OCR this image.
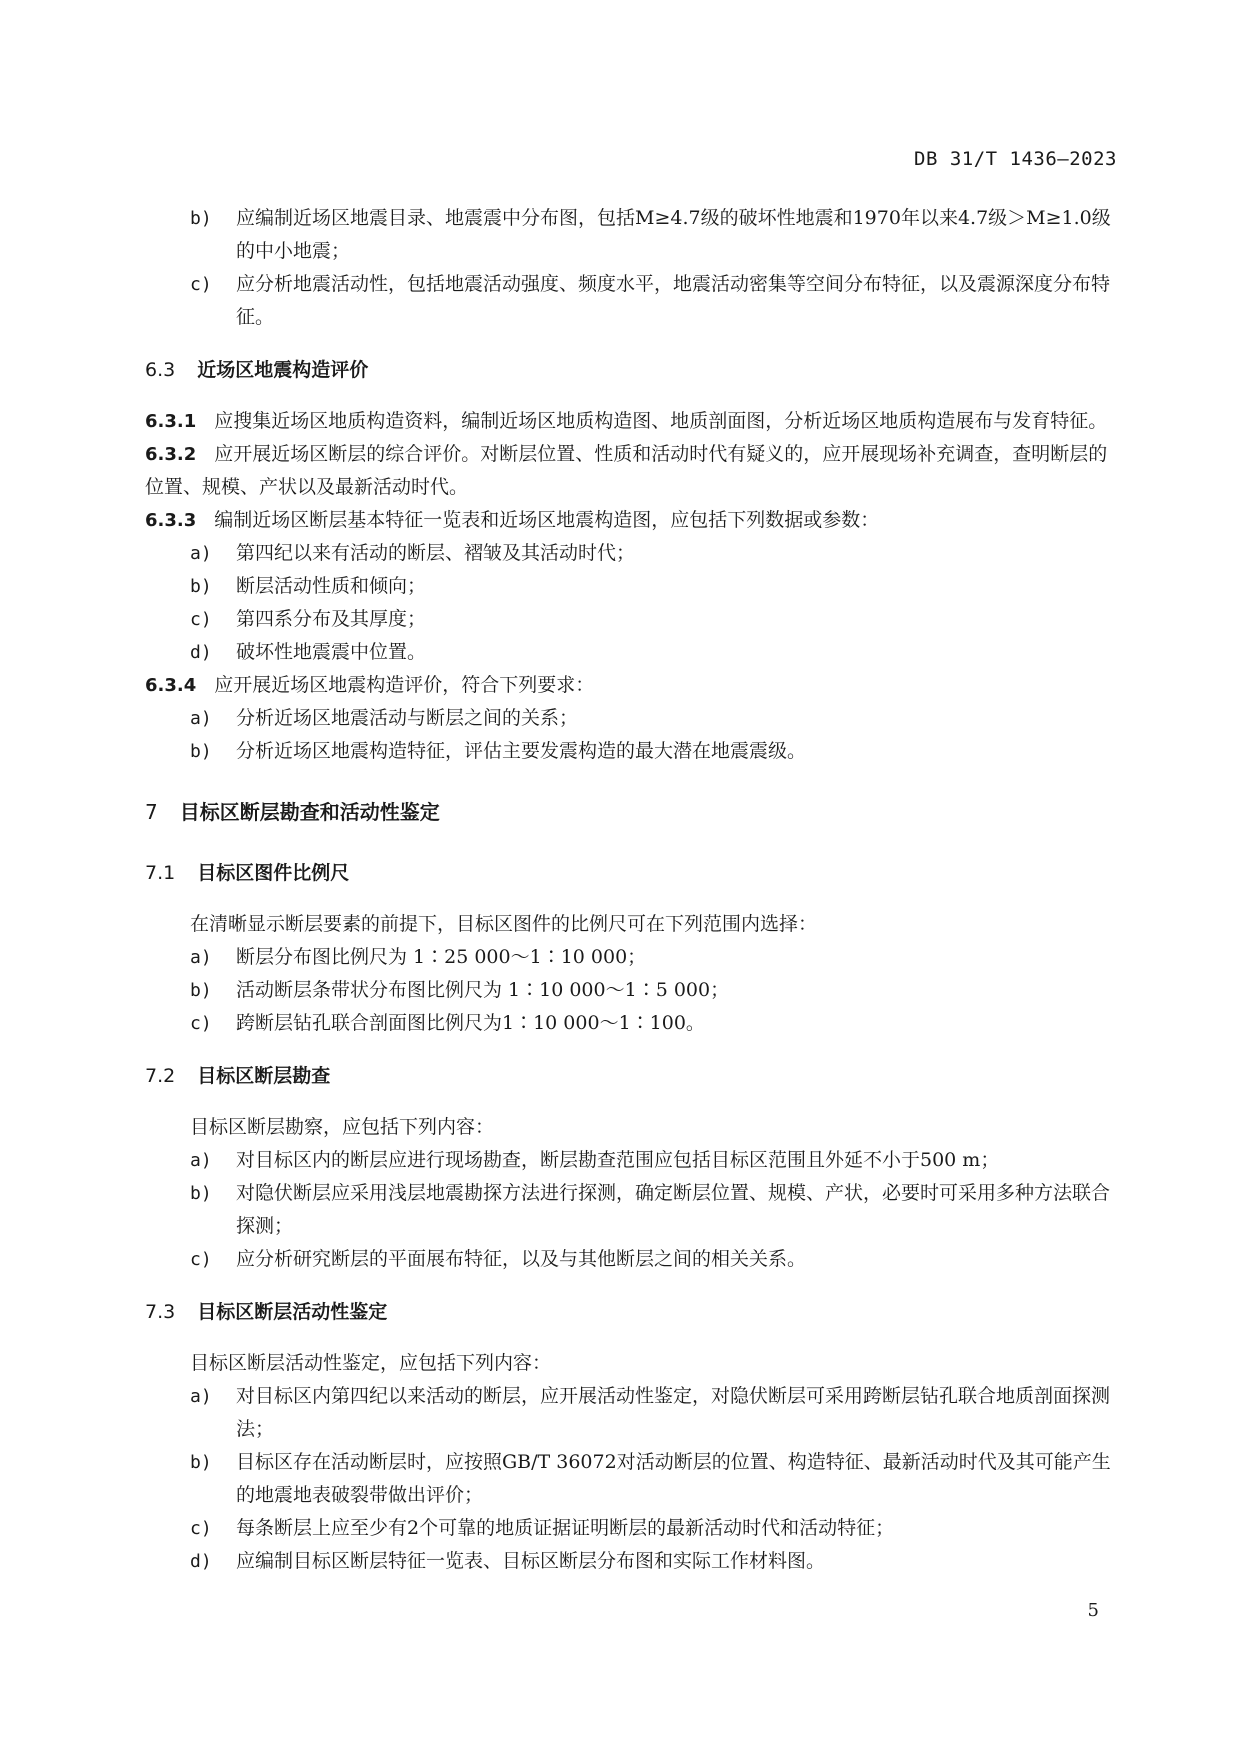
DB 31/T 1436—2023
b) 应编制近场区地震目录、地震震中分布图，包括M≥4.7级的破坏性地震和1970年以来4.7级＞M≥1.0级的中小地震；
c) 应分析地震活动性，包括地震活动强度、频度水平，地震活动密集等空间分布特征，以及震源深度分布特征。
6.3 近场区地震构造评价
6.3.1 应搜集近场区地质构造资料，编制近场区地质构造图、地质剖面图，分析近场区地质构造展布与发育特征。
6.3.2 应开展近场区断层的综合评价。对断层位置、性质和活动时代有疑义的，应开展现场补充调查，查明断层的位置、规模、产状以及最新活动时代。
6.3.3 编制近场区断层基本特征一览表和近场区地震构造图，应包括下列数据或参数：
a) 第四纪以来有活动的断层、褶皱及其活动时代；
b) 断层活动性质和倾向；
c) 第四系分布及其厚度；
d) 破坏性地震震中位置。
6.3.4 应开展近场区地震构造评价，符合下列要求：
a) 分析近场区地震活动与断层之间的关系；
b) 分析近场区地震构造特征，评估主要发震构造的最大潜在地震震级。
7 目标区断层勘查和活动性鉴定
7.1 目标区图件比例尺
在清晰显示断层要素的前提下，目标区图件的比例尺可在下列范围内选择：
a) 断层分布图比例尺为 1∶25 000～1∶10 000；
b) 活动断层条带状分布图比例尺为 1∶10 000～1∶5 000；
c) 跨断层钻孔联合剖面图比例尺为1∶10 000～1∶100。
7.2 目标区断层勘查
目标区断层勘察，应包括下列内容：
a) 对目标区内的断层应进行现场勘查，断层勘查范围应包括目标区范围且外延不小于500 m；
b) 对隐伏断层应采用浅层地震勘探方法进行探测，确定断层位置、规模、产状，必要时可采用多种方法联合探测；
c) 应分析研究断层的平面展布特征，以及与其他断层之间的相关关系。
7.3 目标区断层活动性鉴定
目标区断层活动性鉴定，应包括下列内容：
a) 对目标区内第四纪以来活动的断层，应开展活动性鉴定，对隐伏断层可采用跨断层钻孔联合地质剖面探测法；
b) 目标区存在活动断层时，应按照GB/T 36072对活动断层的位置、构造特征、最新活动时代及其可能产生的地震地表破裂带做出评价；
c) 每条断层上应至少有2个可靠的地质证据证明断层的最新活动时代和活动特征；
d) 应编制目标区断层特征一览表、目标区断层分布图和实际工作材料图。
5
